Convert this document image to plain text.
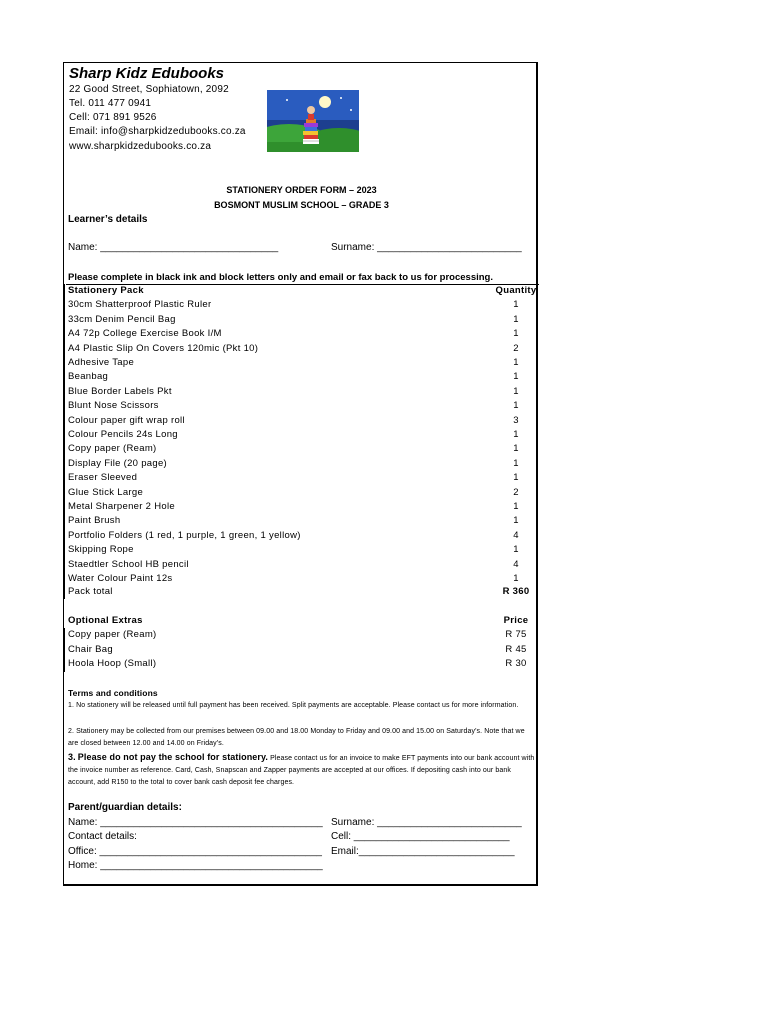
Sharp Kidz Edubooks
22 Good Street, Sophiatown, 2092
Tel. 011 477 0941
Cell: 071 891 9526
Email: info@sharpkidzedubooks.co.za
www.sharpkidzedubooks.co.za
STATIONERY ORDER FORM – 2023
BOSMONT MUSLIM SCHOOL – GRADE 3
Learner’s details
Name: ________________________________	Surname: __________________________
Please complete in black ink and block letters only and email or fax back to us for processing.
Stationery Pack	Quantity
30cm Shatterproof Plastic Ruler	1
33cm Denim Pencil Bag	1
A4 72p College Exercise Book I/M	1
A4 Plastic Slip On Covers 120mic (Pkt 10)	2
Adhesive Tape	1
Beanbag	1
Blue Border Labels Pkt	1
Blunt Nose Scissors	1
Colour paper gift wrap roll	3
Colour Pencils 24s Long	1
Copy paper (Ream)	1
Display File (20 page)	1
Eraser Sleeved	1
Glue Stick Large	2
Metal Sharpener 2 Hole	1
Paint Brush	1
Portfolio Folders (1 red, 1 purple, 1 green, 1 yellow)	4
Skipping Rope	1
Staedtler School HB pencil	4
Water Colour Paint 12s	1
Pack total	R 360
Optional Extras	Price
Copy paper (Ream)	R 75
Chair Bag	R 45
Hoola Hoop (Small)	R 30
Terms and conditions
1. No stationery will be released until full payment has been received. Split payments are acceptable. Please contact us for more information.
2. Stationery may be collected from our premises between 09.00 and 18.00 Monday to Friday and 09.00 and 15.00 on Saturday's. Note that we are closed between 12.00 and 14.00 on Friday's.
3. Please do not pay the school for stationery. Please contact us for an invoice to make EFT payments into our bank account with the invoice number as reference. Card, Cash, Snapscan and Zapper payments are accepted at our offices. If depositing cash into our bank account, add R150 to the total to cover bank cash deposit fee charges.
Parent/guardian details:
Name: ________________________________________ Surname: __________________________
Contact details:	Cell: ____________________________
Office: ________________________________________ Email:____________________________
Home: ________________________________________
